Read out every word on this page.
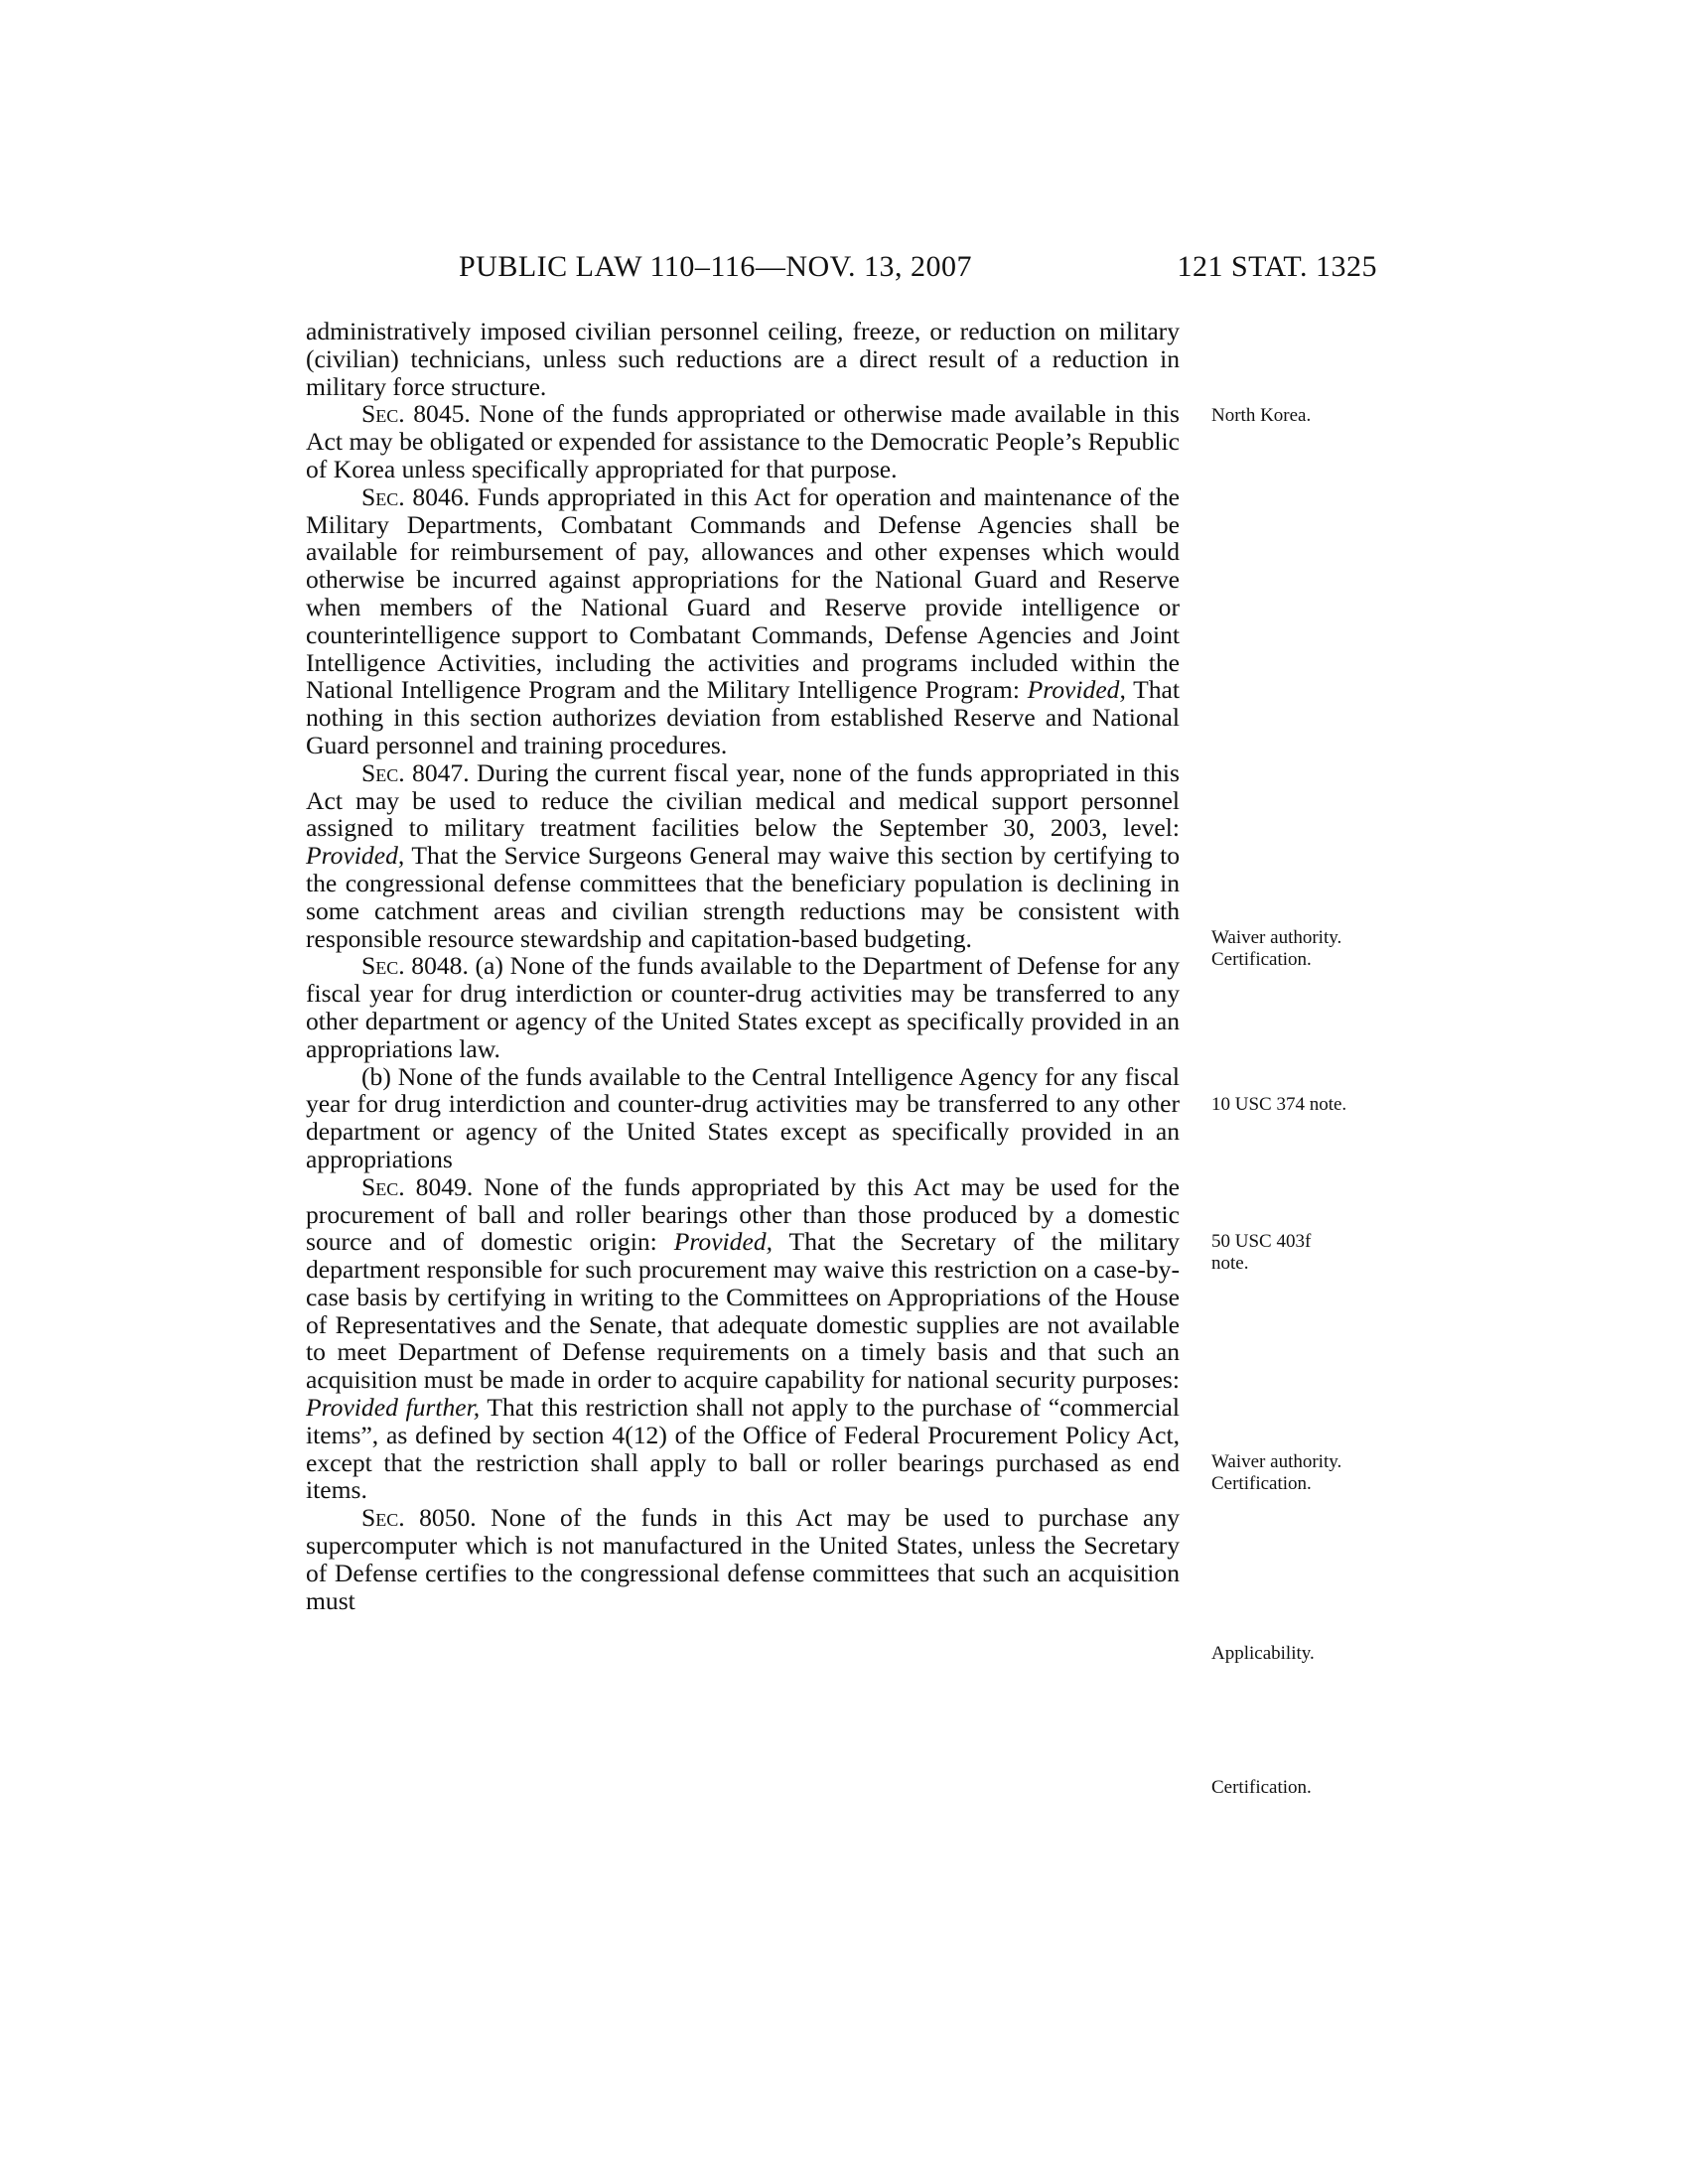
PUBLIC LAW 110–116—NOV. 13, 2007	121 STAT. 1325

administratively imposed civilian personnel ceiling, freeze, or reduction on military (civilian) technicians, unless such reductions are a direct result of a reduction in military force structure.

Sec. 8045. None of the funds appropriated or otherwise made available in this Act may be obligated or expended for assistance to the Democratic People’s Republic of Korea unless specifically appropriated for that purpose.

Sec. 8046. Funds appropriated in this Act for operation and maintenance of the Military Departments, Combatant Commands and Defense Agencies shall be available for reimbursement of pay, allowances and other expenses which would otherwise be incurred against appropriations for the National Guard and Reserve when members of the National Guard and Reserve provide intelligence or counterintelligence support to Combatant Commands, Defense Agencies and Joint Intelligence Activities, including the activities and programs included within the National Intelligence Program and the Military Intelligence Program: Provided, That nothing in this section authorizes deviation from established Reserve and National Guard personnel and training procedures.

Sec. 8047. During the current fiscal year, none of the funds appropriated in this Act may be used to reduce the civilian medical and medical support personnel assigned to military treatment facilities below the September 30, 2003, level: Provided, That the Service Surgeons General may waive this section by certifying to the congressional defense committees that the beneficiary population is declining in some catchment areas and civilian strength reductions may be consistent with responsible resource stewardship and capitation-based budgeting.

Sec. 8048. (a) None of the funds available to the Department of Defense for any fiscal year for drug interdiction or counter-drug activities may be transferred to any other department or agency of the United States except as specifically provided in an appropriations law.

(b) None of the funds available to the Central Intelligence Agency for any fiscal year for drug interdiction and counter-drug activities may be transferred to any other department or agency of the United States except as specifically provided in an appropriations

Sec. 8049. None of the funds appropriated by this Act may be used for the procurement of ball and roller bearings other than those produced by a domestic source and of domestic origin: Provided, That the Secretary of the military department responsible for such procurement may waive this restriction on a case-by-case basis by certifying in writing to the Committees on Appropriations of the House of Representatives and the Senate, that adequate domestic supplies are not available to meet Department of Defense requirements on a timely basis and that such an acquisition must be made in order to acquire capability for national security purposes: Provided further, That this restriction shall not apply to the purchase of “commercial items”, as defined by section 4(12) of the Office of Federal Procurement Policy Act, except that the restriction shall apply to ball or roller bearings purchased as end items.

Sec. 8050. None of the funds in this Act may be used to purchase any supercomputer which is not manufactured in the United States, unless the Secretary of Defense certifies to the congressional defense committees that such an acquisition must

North Korea.
Waiver authority.
Certification.
10 USC 374 note.
50 USC 403f
note.
Waiver authority.
Certification.
Applicability.
Certification.
